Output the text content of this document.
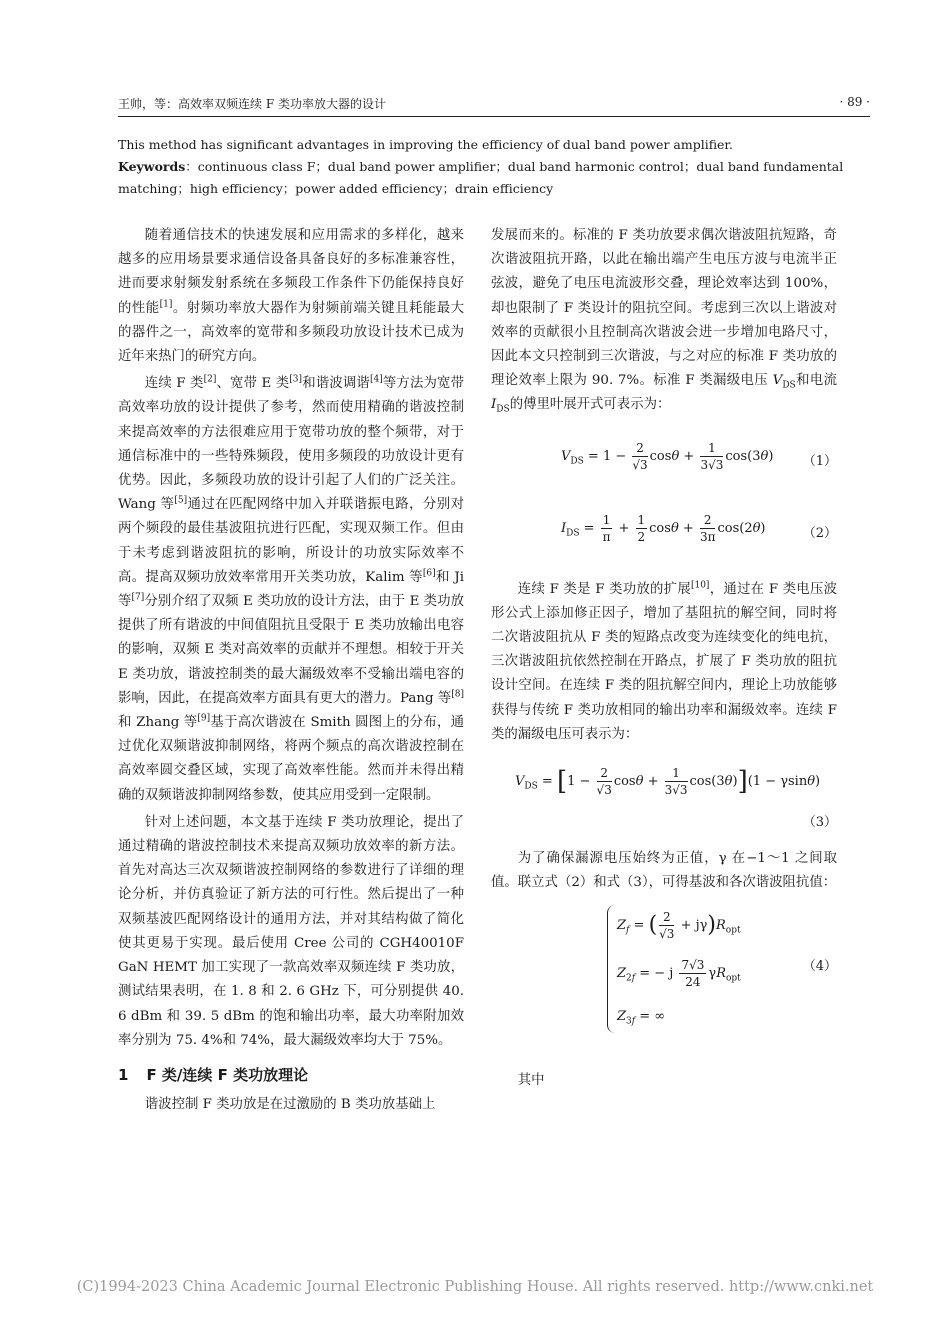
王帅，等：高效率双频连续 F 类功率放大器的设计	· 89 ·
This method has significant advantages in improving the efficiency of dual band power amplifier.
Keywords：continuous class F；dual band power amplifier；dual band harmonic control；dual band fundamental matching；high efficiency；power added efficiency；drain efficiency

随着通信技术的快速发展和应用需求的多样化，越来越多的应用场景要求通信设备具备良好的多标准兼容性，进而要求射频发射系统在多频段工作条件下仍能保持良好的性能[1]。射频功率放大器作为射频前端关键且耗能最大的器件之一，高效率的宽带和多频段功放设计技术已成为近年来热门的研究方向。

连续 F 类[2]、宽带 E 类[3]和谐波调谐[4]等方法为宽带高效率功放的设计提供了参考，然而使用精确的谐波控制来提高效率的方法很难应用于宽带功放的整个频带，对于通信标准中的一些特殊频段，使用多频段的功放设计更有优势。因此，多频段功放的设计引起了人们的广泛关注。Wang 等[5]通过在匹配网络中加入并联谐振电路，分别对两个频段的最佳基波阻抗进行匹配，实现双频工作。但由于未考虑到谐波阻抗的影响，所设计的功放实际效率不高。提高双频功放效率常用开关类功放，Kalim 等[6]和 Ji 等[7]分别介绍了双频 E 类功放的设计方法，由于 E 类功放提供了所有谐波的中间值阻抗且受限于 E 类功放输出电容的影响，双频 E 类对高效率的贡献并不理想。相较于开关 E 类功放，谐波控制类的最大漏级效率不受输出端电容的影响，因此，在提高效率方面具有更大的潜力。Pang 等[8]和 Zhang 等[9]基于高次谐波在 Smith 圆图上的分布，通过优化双频谐波抑制网络，将两个频点的高次谐波控制在高效率圆交叠区域，实现了高效率性能。然而并未得出精确的双频谐波抑制网络参数，使其应用受到一定限制。

针对上述问题，本文基于连续 F 类功放理论，提出了通过精确的谐波控制技术来提高双频功放效率的新方法。首先对高达三次双频谐波控制网络的参数进行了详细的理论分析，并仿真验证了新方法的可行性。然后提出了一种双频基波匹配网络设计的通用方法，并对其结构做了简化使其更易于实现。最后使用 Cree 公司的 CGH40010F GaN HEMT 加工实现了一款高效率双频连续 F 类功放，测试结果表明，在 1. 8 和 2. 6 GHz 下，可分别提供 40. 6 dBm 和 39. 5 dBm 的饱和输出功率，最大功率附加效率分别为 75. 4%和 74%，最大漏级效率均大于 75%。

1 F 类/连续 F 类功放理论

谐波控制 F 类功放是在过激励的 B 类功放基础上

发展而来的。标准的 F 类功放要求偶次谐波阻抗短路，奇次谐波阻抗开路，以此在输出端产生电压方波与电流半正弦波，避免了电压电流波形交叠，理论效率达到 100%，却也限制了 F 类设计的阻抗空间。考虑到三次以上谐波对效率的贡献很小且控制高次谐波会进一步增加电路尺寸，因此本文只控制到三次谐波，与之对应的标准 F 类功放的理论效率上限为 90. 7%。标准 F 类漏级电压 $V_{DS}$和电流 $I_{DS}$的傅里叶展开式可表示为：

$V_{DS} = 1 - \frac{2}{√3}$ $\cos\theta + \frac{1}{3√3} \cos(3\theta)$ （1）
$I_{DS} = \frac{1}{\pi} + \frac{1}{2}$ $\cos\theta + \frac{2}{3\pi} \cos(2\theta)$	（2）

连续 F 类是 F 类功放的扩展[10]，通过在 F 类电压波形公式上添加修正因子，增加了基阻抗的解空间，同时将二次谐波阻抗从 F 类的短路点改变为连续变化的纯电抗，三次谐波阻抗依然控制在开路点，扩展了 F 类功放的阻抗设计空间。在连续 F 类的阻抗解空间内，理论上功放能够获得与传统 F 类功放相同的输出功率和漏级效率。连续 F 类的漏级电压可表示为：

$V_{DS} = [1 - \frac{2}{√3}$ $\cos\theta + \frac{1}{3√3} \cos(3\theta)](1 - \gamma\sin\theta)$
（3）

为了确保漏源电压始终为正值，γ 在−1～1 之间取值。联立式（2）和式（3），可得基波和各次谐波阻抗值：

$Z_f$ = ( $\frac{2}{√3} + j\gamma)R_{opt}$
$Z_{2f}$ = − j $\frac{7√3}{24} \gamma R_{opt}$
$Z_{3f}$ = ∞
（4）

其中

(C)1994-2023 China Academic Journal Electronic Publishing House. All rights reserved. http://www.cnki.net
